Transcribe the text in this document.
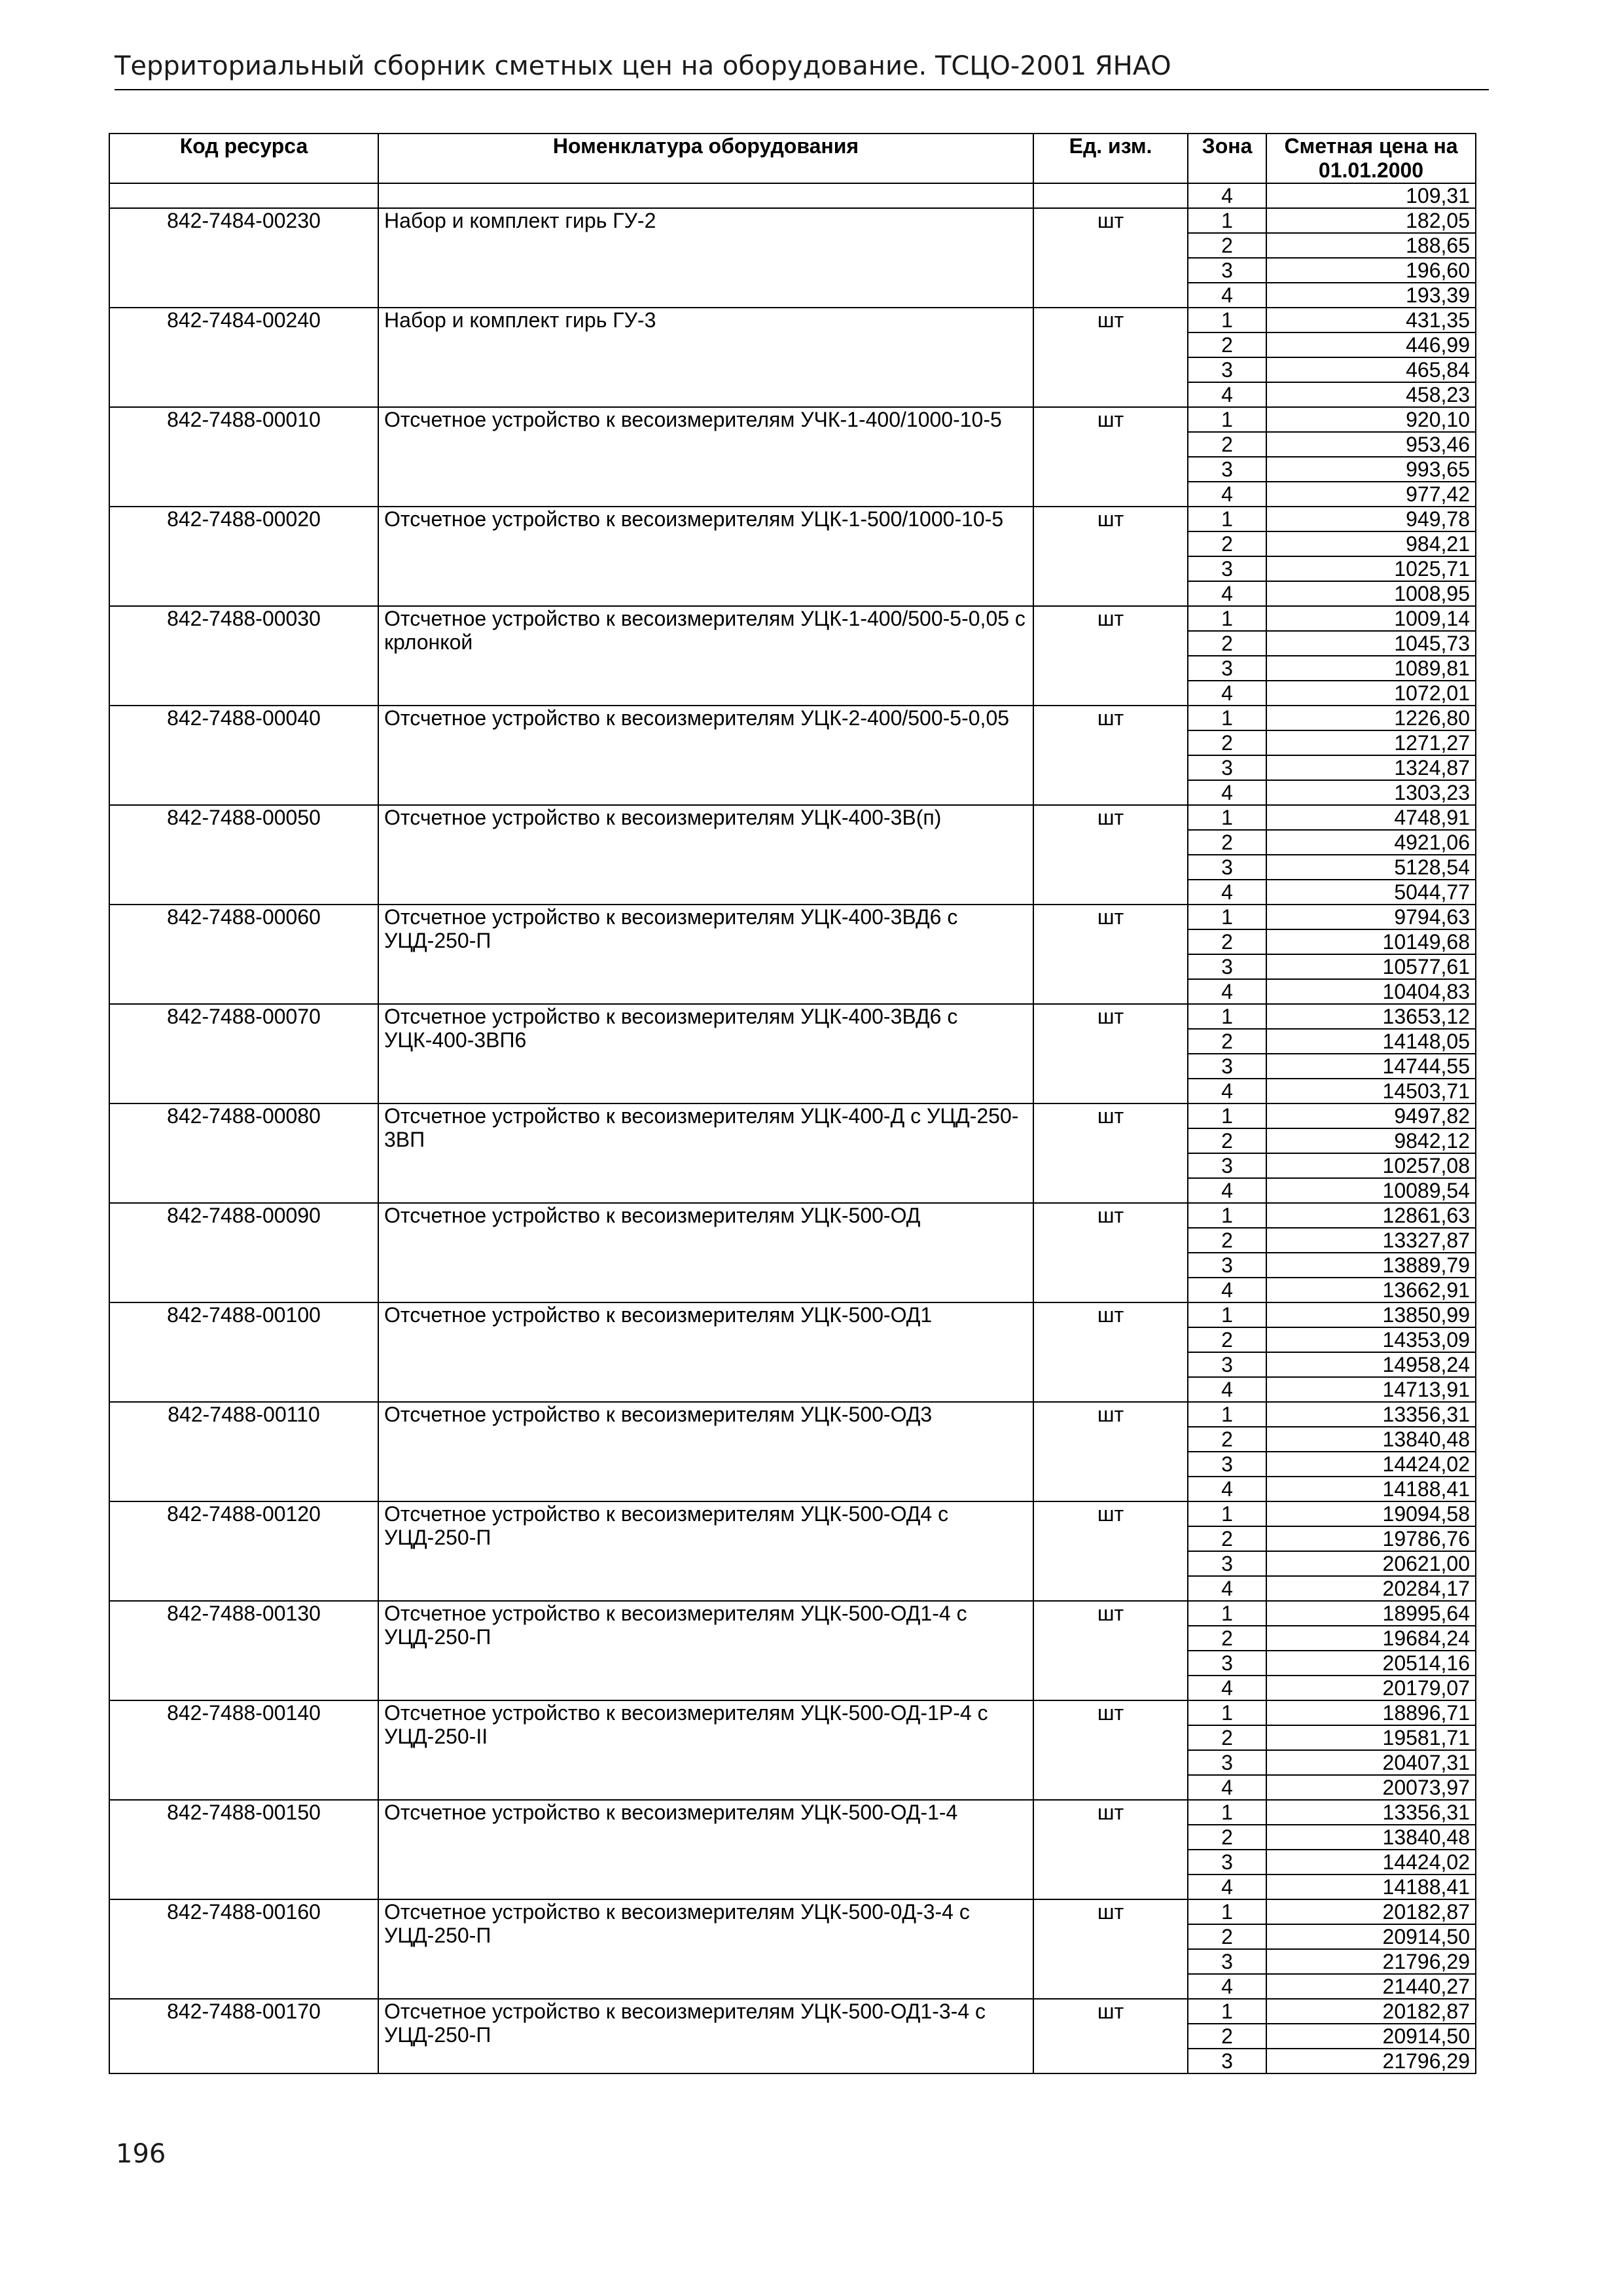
Территориальный сборник сметных цен на оборудование. ТСЦО-2001 ЯНАО
Код ресурса	Номенклатура оборудования	Ед. изм.	Зона	Сметная цена на 01.01.2000
			4	109,31
842-7484-00230	Набор и комплект гирь ГУ-2	шт	1	182,05
			2	188,65
			3	196,60
			4	193,39
842-7484-00240	Набор и комплект гирь ГУ-3	шт	1	431,35
			2	446,99
			3	465,84
			4	458,23
842-7488-00010	Отсчетное устройство к весоизмерителям УЧК-1-400/1000-10-5	шт	1	920,10
			2	953,46
			3	993,65
			4	977,42
842-7488-00020	Отсчетное устройство к весоизмерителям УЦК-1-500/1000-10-5	шт	1	949,78
			2	984,21
			3	1025,71
			4	1008,95
842-7488-00030	Отсчетное устройство к весоизмерителям УЦК-1-400/500-5-0,05 с крлонкой	шт	1	1009,14
			2	1045,73
			3	1089,81
			4	1072,01
842-7488-00040	Отсчетное устройство к весоизмерителям УЦК-2-400/500-5-0,05	шт	1	1226,80
			2	1271,27
			3	1324,87
			4	1303,23
842-7488-00050	Отсчетное устройство к весоизмерителям УЦК-400-3В(п)	шт	1	4748,91
			2	4921,06
			3	5128,54
			4	5044,77
842-7488-00060	Отсчетное устройство к весоизмерителям УЦК-400-3ВД6 с УЦД-250-П	шт	1	9794,63
			2	10149,68
			3	10577,61
			4	10404,83
842-7488-00070	Отсчетное устройство к весоизмерителям УЦК-400-3ВД6 с УЦК-400-3ВП6	шт	1	13653,12
			2	14148,05
			3	14744,55
			4	14503,71
842-7488-00080	Отсчетное устройство к весоизмерителям УЦК-400-Д с УЦД-250-3ВП	шт	1	9497,82
			2	9842,12
			3	10257,08
			4	10089,54
842-7488-00090	Отсчетное устройство к весоизмерителям УЦК-500-ОД	шт	1	12861,63
			2	13327,87
			3	13889,79
			4	13662,91
842-7488-00100	Отсчетное устройство к весоизмерителям УЦК-500-ОД1	шт	1	13850,99
			2	14353,09
			3	14958,24
			4	14713,91
842-7488-00110	Отсчетное устройство к весоизмерителям УЦК-500-ОД3	шт	1	13356,31
			2	13840,48
			3	14424,02
			4	14188,41
842-7488-00120	Отсчетное устройство к весоизмерителям УЦК-500-ОД4 с УЦД-250-П	шт	1	19094,58
			2	19786,76
			3	20621,00
			4	20284,17
842-7488-00130	Отсчетное устройство к весоизмерителям УЦК-500-ОД1-4 с УЦД-250-П	шт	1	18995,64
			2	19684,24
			3	20514,16
			4	20179,07
842-7488-00140	Отсчетное устройство к весоизмерителям УЦК-500-ОД-1Р-4 с УЦД-250-II	шт	1	18896,71
			2	19581,71
			3	20407,31
			4	20073,97
842-7488-00150	Отсчетное устройство к весоизмерителям УЦК-500-ОД-1-4	шт	1	13356,31
			2	13840,48
			3	14424,02
			4	14188,41
842-7488-00160	Отсчетное устройство к весоизмерителям УЦК-500-0Д-3-4 с УЦД-250-П	шт	1	20182,87
			2	20914,50
			3	21796,29
			4	21440,27
842-7488-00170	Отсчетное устройство к весоизмерителям УЦК-500-ОД1-3-4 с УЦД-250-П	шт	1	20182,87
			2	20914,50
			3	21796,29
196
